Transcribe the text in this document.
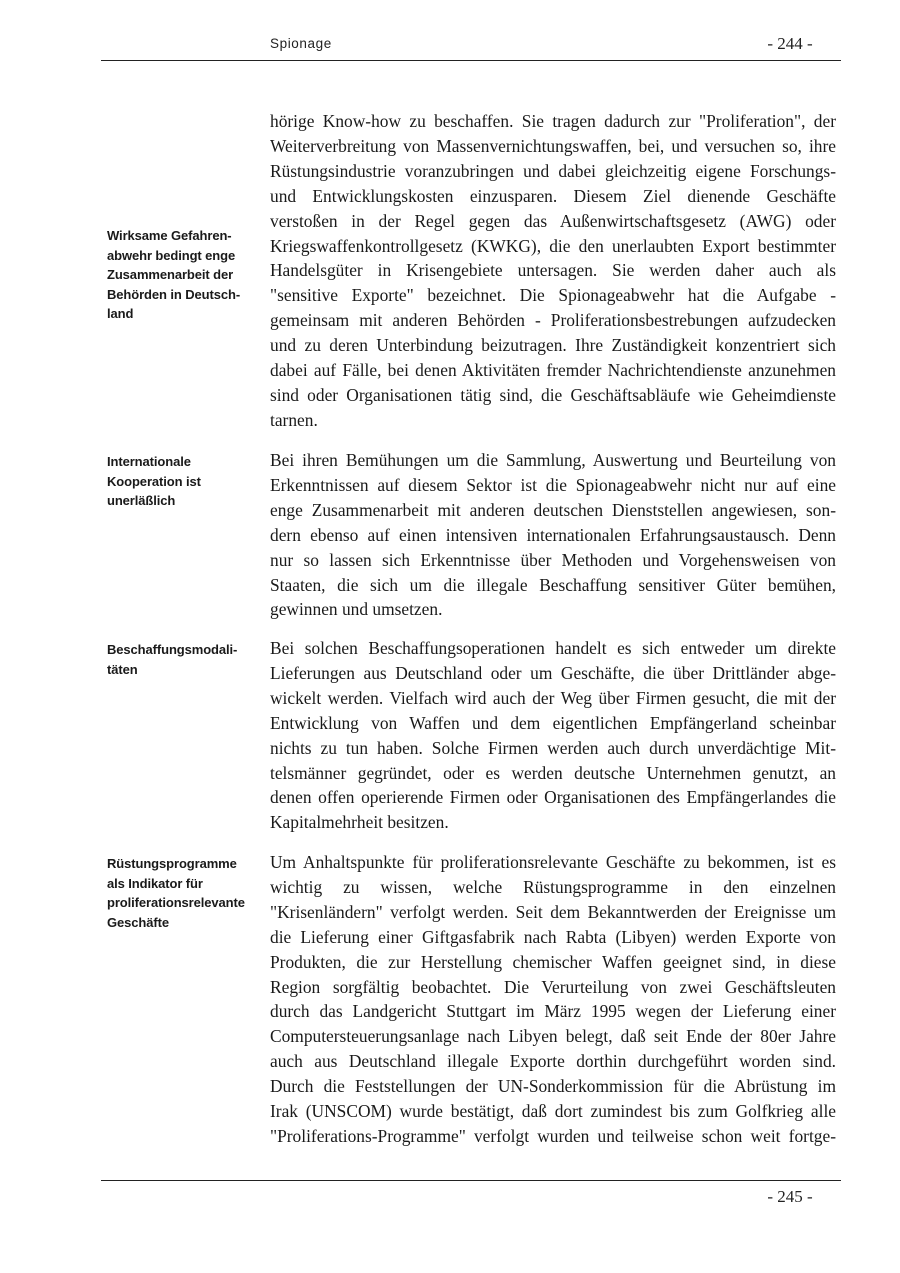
Spionage	- 244 -
Wirksame Gefahren-
abwehr bedingt enge
Zusammenarbeit der
Behörden in Deutsch-
land
hörige Know-how zu beschaffen. Sie tragen dadurch zur "Proliferation", der
Weiterverbreitung von Massenvernichtungswaffen, bei, und versuchen so, ihre
Rüstungsindustrie voranzubringen und dabei gleichzeitig eigene Forschungs-
und Entwicklungskosten einzusparen. Diesem Ziel dienende Geschäfte
verstoßen in der Regel gegen das Außenwirtschaftsgesetz (AWG) oder
Kriegswaffenkontrollgesetz (KWKG), die den unerlaubten Export bestimmter
Handelsgüter in Krisengebiete untersagen. Sie werden daher auch als
"sensitive Exporte" bezeichnet. Die Spionageabwehr hat die Aufgabe -
gemeinsam mit anderen Behörden - Proliferationsbestrebungen aufzudecken
und zu deren Unterbindung beizutragen. Ihre Zuständigkeit konzentriert sich
dabei auf Fälle, bei denen Aktivitäten fremder Nachrichtendienste anzunehmen
sind oder Organisationen tätig sind, die Geschäftsabläufe wie Geheimdienste
tarnen.
Internationale
Kooperation ist
unerläßlich
Bei ihren Bemühungen um die Sammlung, Auswertung und Beurteilung von
Erkenntnissen auf diesem Sektor ist die Spionageabwehr nicht nur auf eine
enge Zusammenarbeit mit anderen deutschen Dienststellen angewiesen, son-
dern ebenso auf einen intensiven internationalen Erfahrungsaustausch. Denn
nur so lassen sich Erkenntnisse über Methoden und Vorgehensweisen von
Staaten, die sich um die illegale Beschaffung sensitiver Güter bemühen,
gewinnen und umsetzen.
Beschaffungsmodali-
täten
Bei solchen Beschaffungsoperationen handelt es sich entweder um direkte
Lieferungen aus Deutschland oder um Geschäfte, die über Drittländer abge-
wickelt werden. Vielfach wird auch der Weg über Firmen gesucht, die mit der
Entwicklung von Waffen und dem eigentlichen Empfängerland scheinbar
nichts zu tun haben. Solche Firmen werden auch durch unverdächtige Mit-
telsmänner gegründet, oder es werden deutsche Unternehmen genutzt, an
denen offen operierende Firmen oder Organisationen des Empfängerlandes die
Kapitalmehrheit besitzen.
Rüstungsprogramme
als Indikator für
proliferationsrelevante
Geschäfte
Um Anhaltspunkte für proliferationsrelevante Geschäfte zu bekommen, ist es
wichtig zu wissen, welche Rüstungsprogramme in den einzelnen
"Krisenländern" verfolgt werden. Seit dem Bekanntwerden der Ereignisse um
die Lieferung einer Giftgasfabrik nach Rabta (Libyen) werden Exporte von
Produkten, die zur Herstellung chemischer Waffen geeignet sind, in diese
Region sorgfältig beobachtet. Die Verurteilung von zwei Geschäftsleuten
durch das Landgericht Stuttgart im März 1995 wegen der Lieferung einer
Computersteuerungsanlage nach Libyen belegt, daß seit Ende der 80er Jahre
auch aus Deutschland illegale Exporte dorthin durchgeführt worden sind.
Durch die Feststellungen der UN-Sonderkommission für die Abrüstung im
Irak (UNSCOM) wurde bestätigt, daß dort zumindest bis zum Golfkrieg alle
"Proliferations-Programme" verfolgt wurden und teilweise schon weit fortge-
- 245 -
